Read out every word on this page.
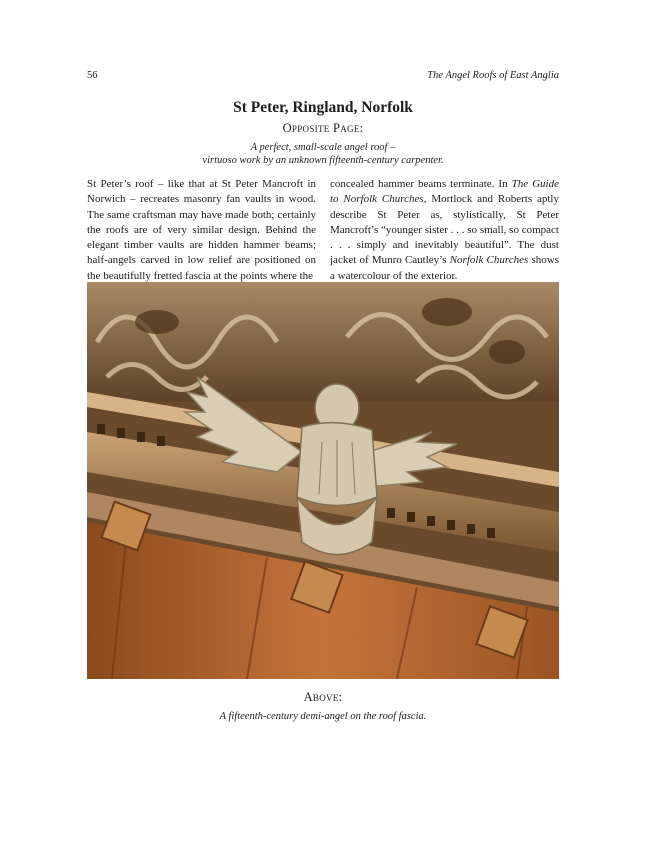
56	The Angel Roofs of East Anglia
St Peter, Ringland, Norfolk
Opposite Page:
A perfect, small-scale angel roof –
virtuoso work by an unknown fifteenth-century carpenter.
St Peter’s roof – like that at St Peter Mancroft in Norwich – recreates masonry fan vaults in wood. The same craftsman may have made both; certainly the roofs are of very similar design. Behind the elegant timber vaults are hidden hammer beams; half-angels carved in low relief are positioned on the beautifully fretted fascia at the points where the
concealed hammer beams terminate. In The Guide to Norfolk Churches, Mortlock and Roberts aptly describe St Peter as, stylistically, St Peter Mancroft’s “younger sister . . . so small, so compact . . . simply and inevitably beautiful”. The dust jacket of Munro Cautley’s Norfolk Churches shows a watercolour of the exterior.
Above:
A fifteenth-century demi-angel on the roof fascia.
